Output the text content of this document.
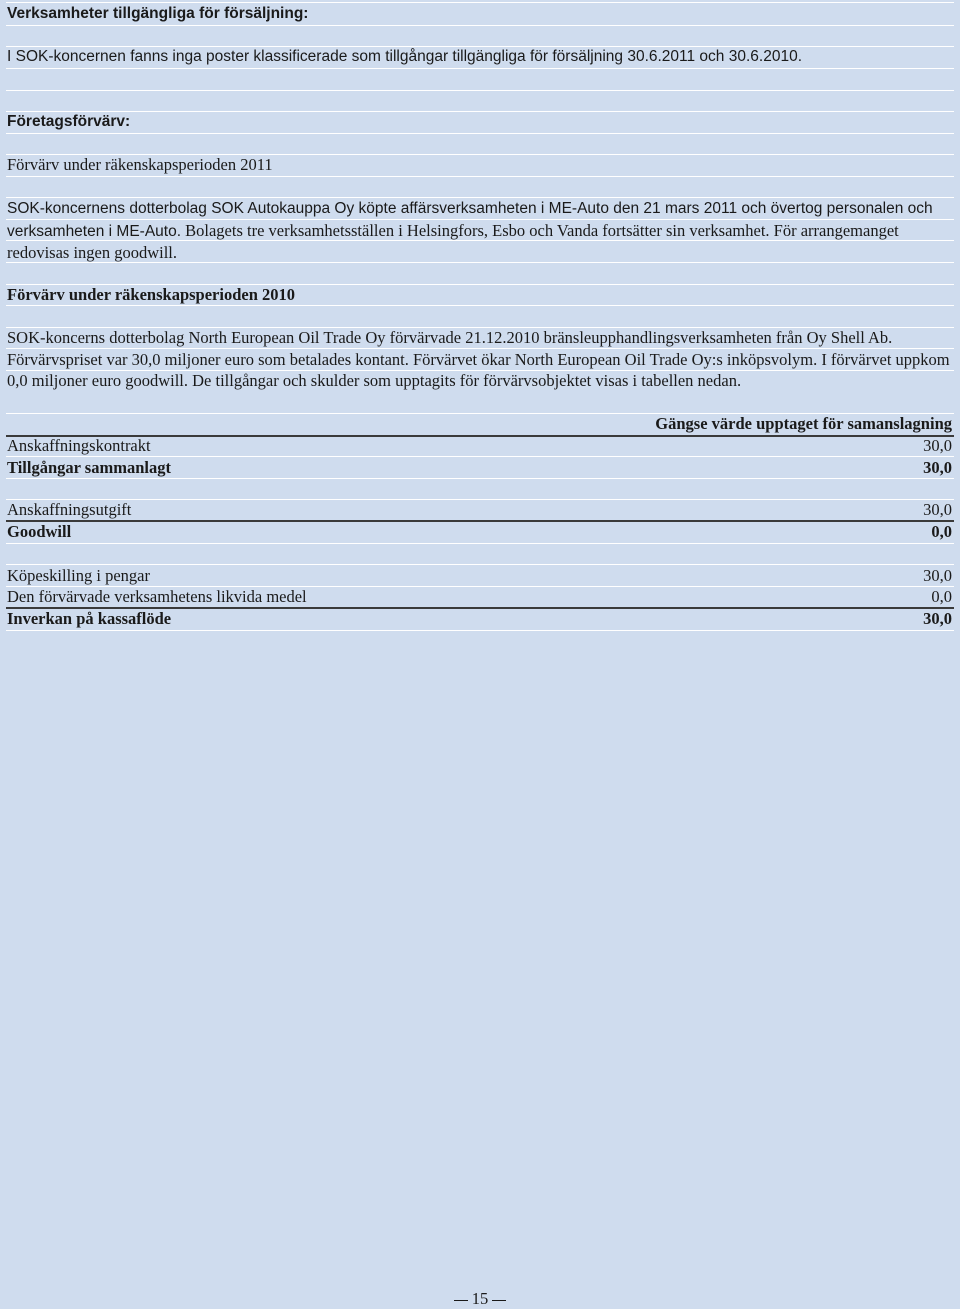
Verksamheter tillgängliga för försäljning:
I SOK-koncernen fanns inga poster klassificerade som tillgångar tillgängliga för försäljning 30.6.2011 och 30.6.2010.
Företagsförvärv:
Förvärv under räkenskapsperioden 2011
SOK-koncernens dotterbolag SOK Autokauppa Oy köpte affärsverksamheten i ME-Auto den 21 mars 2011 och övertog personalen och verksamheten i ME-Auto. Bolagets tre verksamhetsställen i Helsingfors, Esbo och Vanda fortsätter sin verksamhet. För arrangemanget redovisas ingen goodwill.
Förvärv under räkenskapsperioden 2010
SOK-koncerns dotterbolag North European Oil Trade Oy förvärvade 21.12.2010 bränsleupphandlingsverksamheten från Oy Shell Ab. Förvärvspriset var 30,0 miljoner euro som betalades kontant. Förvärvet ökar North European Oil Trade Oy:s inköpsvolym. I förvärvet uppkom 0,0 miljoner euro goodwill. De tillgångar och skulder som upptagits för förvärvsobjektet visas i tabellen nedan.
Gängse värde upptaget för samanslagning
Anskaffningskontrakt	30,0
Tillgångar sammanlagt	30,0
Anskaffningsutgift	30,0
Goodwill	0,0
Köpeskilling i pengar	30,0
Den förvärvade verksamhetens likvida medel	0,0
Inverkan på kassaflöde	30,0
15
